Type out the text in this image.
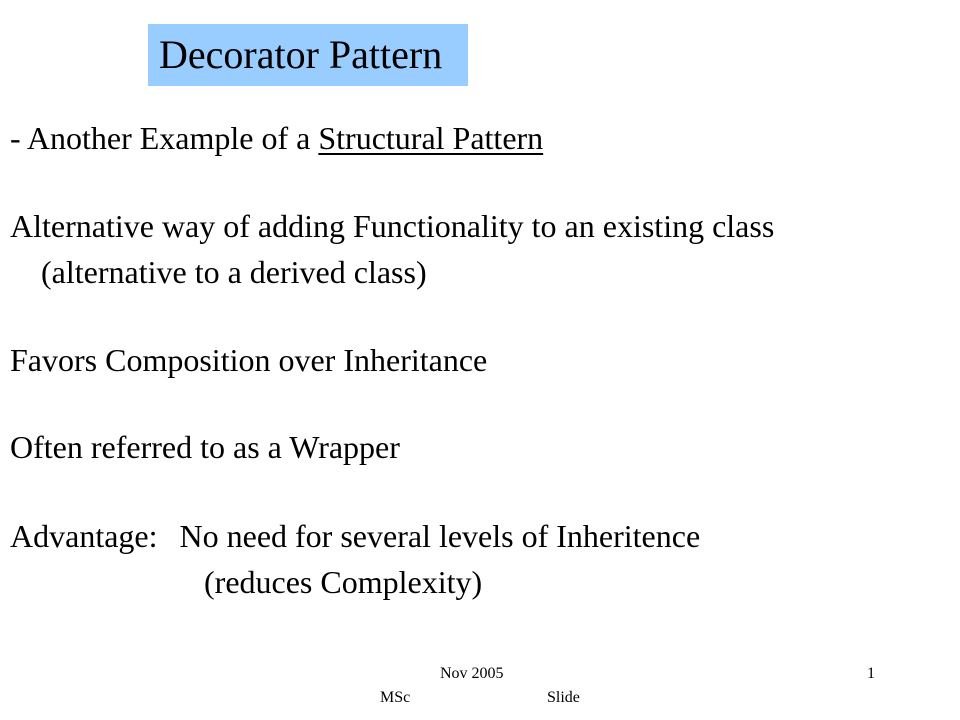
Decorator Pattern
- Another Example of a Structural Pattern
Alternative way of adding Functionality to an existing class
(alternative to a derived class)
Favors Composition over Inheritance
Often referred to as a Wrapper
Advantage: No need for several levels of Inheritence
(reduces Complexity)
Nov 2005	1
MSc	Slide
